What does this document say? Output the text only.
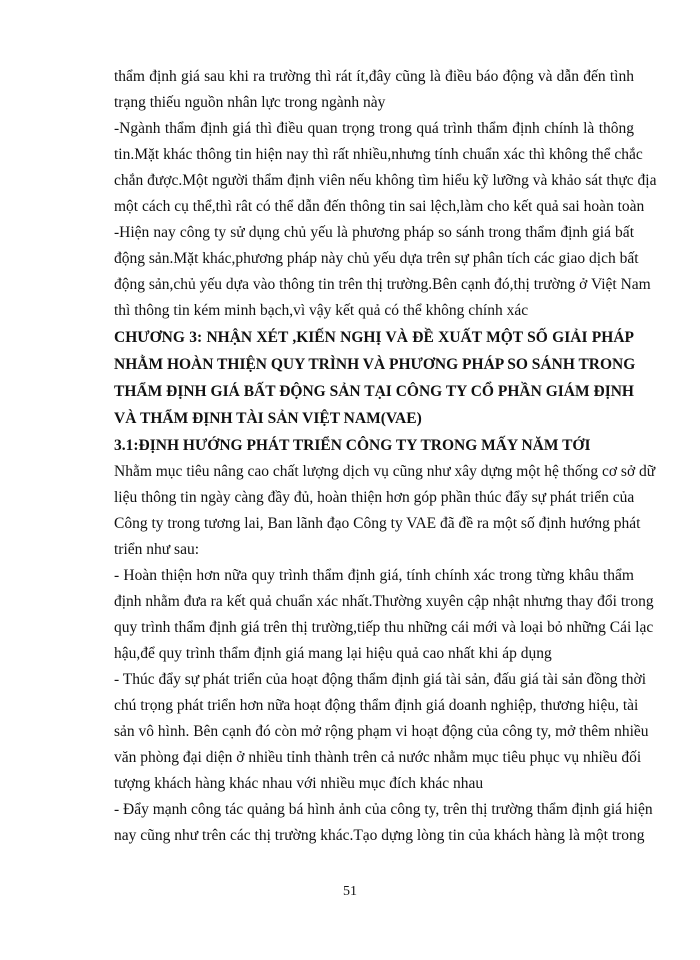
thẩm định giá sau khi ra trường thì rát ít,đây cũng là điều báo động và dẫn đến tình

trạng thiếu nguồn nhân lực trong ngành này

-Ngành thẩm định giá thì điều quan trọng trong quá trình thẩm định chính là thông

tin.Mặt khác thông tin hiện nay thì rất nhiều,nhưng tính chuẩn xác thì không thể chắc

chắn được.Một người thẩm định viên nếu không tìm hiểu kỹ lưỡng và khảo sát thực địa

một cách cụ thể,thì rât có thể dẫn đến thông tin sai lệch,làm cho kết quả sai hoàn toàn

-Hiện nay công ty sử dụng chủ yếu là phương pháp so sánh trong thẩm định giá bất

động sản.Mặt khác,phương pháp này chủ yếu dựa trên sự phân tích các giao dịch bất

động sản,chủ yếu dựa vào thông tin trên thị trường.Bên cạnh đó,thị trường ở Việt Nam

thì thông tin kém minh bạch,vì vậy kết quả có thể không chính xác

CHƯƠNG 3: NHẬN XÉT ,KIẾN NGHỊ VÀ ĐỀ XUẤT MỘT SỐ GIẢI PHÁP

NHẰM HOÀN THIỆN QUY TRÌNH VÀ PHƯƠNG PHÁP SO SÁNH TRONG

THẨM ĐỊNH GIÁ BẤT ĐỘNG SẢN TẠI CÔNG TY CỔ PHẦN GIÁM ĐỊNH

VÀ THẨM ĐỊNH TÀI SẢN VIỆT NAM(VAE)

3.1:ĐỊNH HƯỚNG PHÁT TRIỂN CÔNG TY TRONG MẤY NĂM TỚI

Nhằm mục tiêu nâng cao chất lượng dịch vụ cũng như xây dựng một hệ thống cơ sở dữ

liệu thông tin ngày càng đầy đủ, hoàn thiện hơn góp phần thúc đẩy sự phát triển của

Công ty trong tương lai, Ban lãnh đạo Công ty VAE đã đề ra một số định hướng phát

triển như sau:

- Hoàn thiện hơn nữa quy trình thẩm định giá, tính chính xác trong từng khâu thẩm

định nhằm đưa ra kết quả chuẩn xác nhất.Thường xuyên cập nhật nhưng thay đổi trong

quy trình thẩm định giá trên thị trường,tiếp thu những cái mới và loại bỏ những Cái lạc

hậu,để quy trình thẩm định giá mang lại hiệu quả cao nhất khi áp dụng

- Thúc đẩy sự phát triển của hoạt động thẩm định giá tài sản, đấu giá tài sản đồng thời

chú trọng phát triển hơn nữa hoạt động thẩm định giá doanh nghiệp, thương hiệu, tài

sản vô hình. Bên cạnh đó còn mở rộng phạm vi hoạt động của công ty, mở thêm nhiều

văn phòng đại diện ở nhiều tỉnh thành trên cả nước nhằm mục tiêu phục vụ nhiều đối

tượng khách hàng khác nhau với nhiều mục đích khác nhau

- Đẩy mạnh công tác quảng bá hình ảnh của công ty, trên thị trường thẩm định giá hiện

nay cũng như trên các thị trường khác.Tạo dựng lòng tin của khách hàng là một trong

51
